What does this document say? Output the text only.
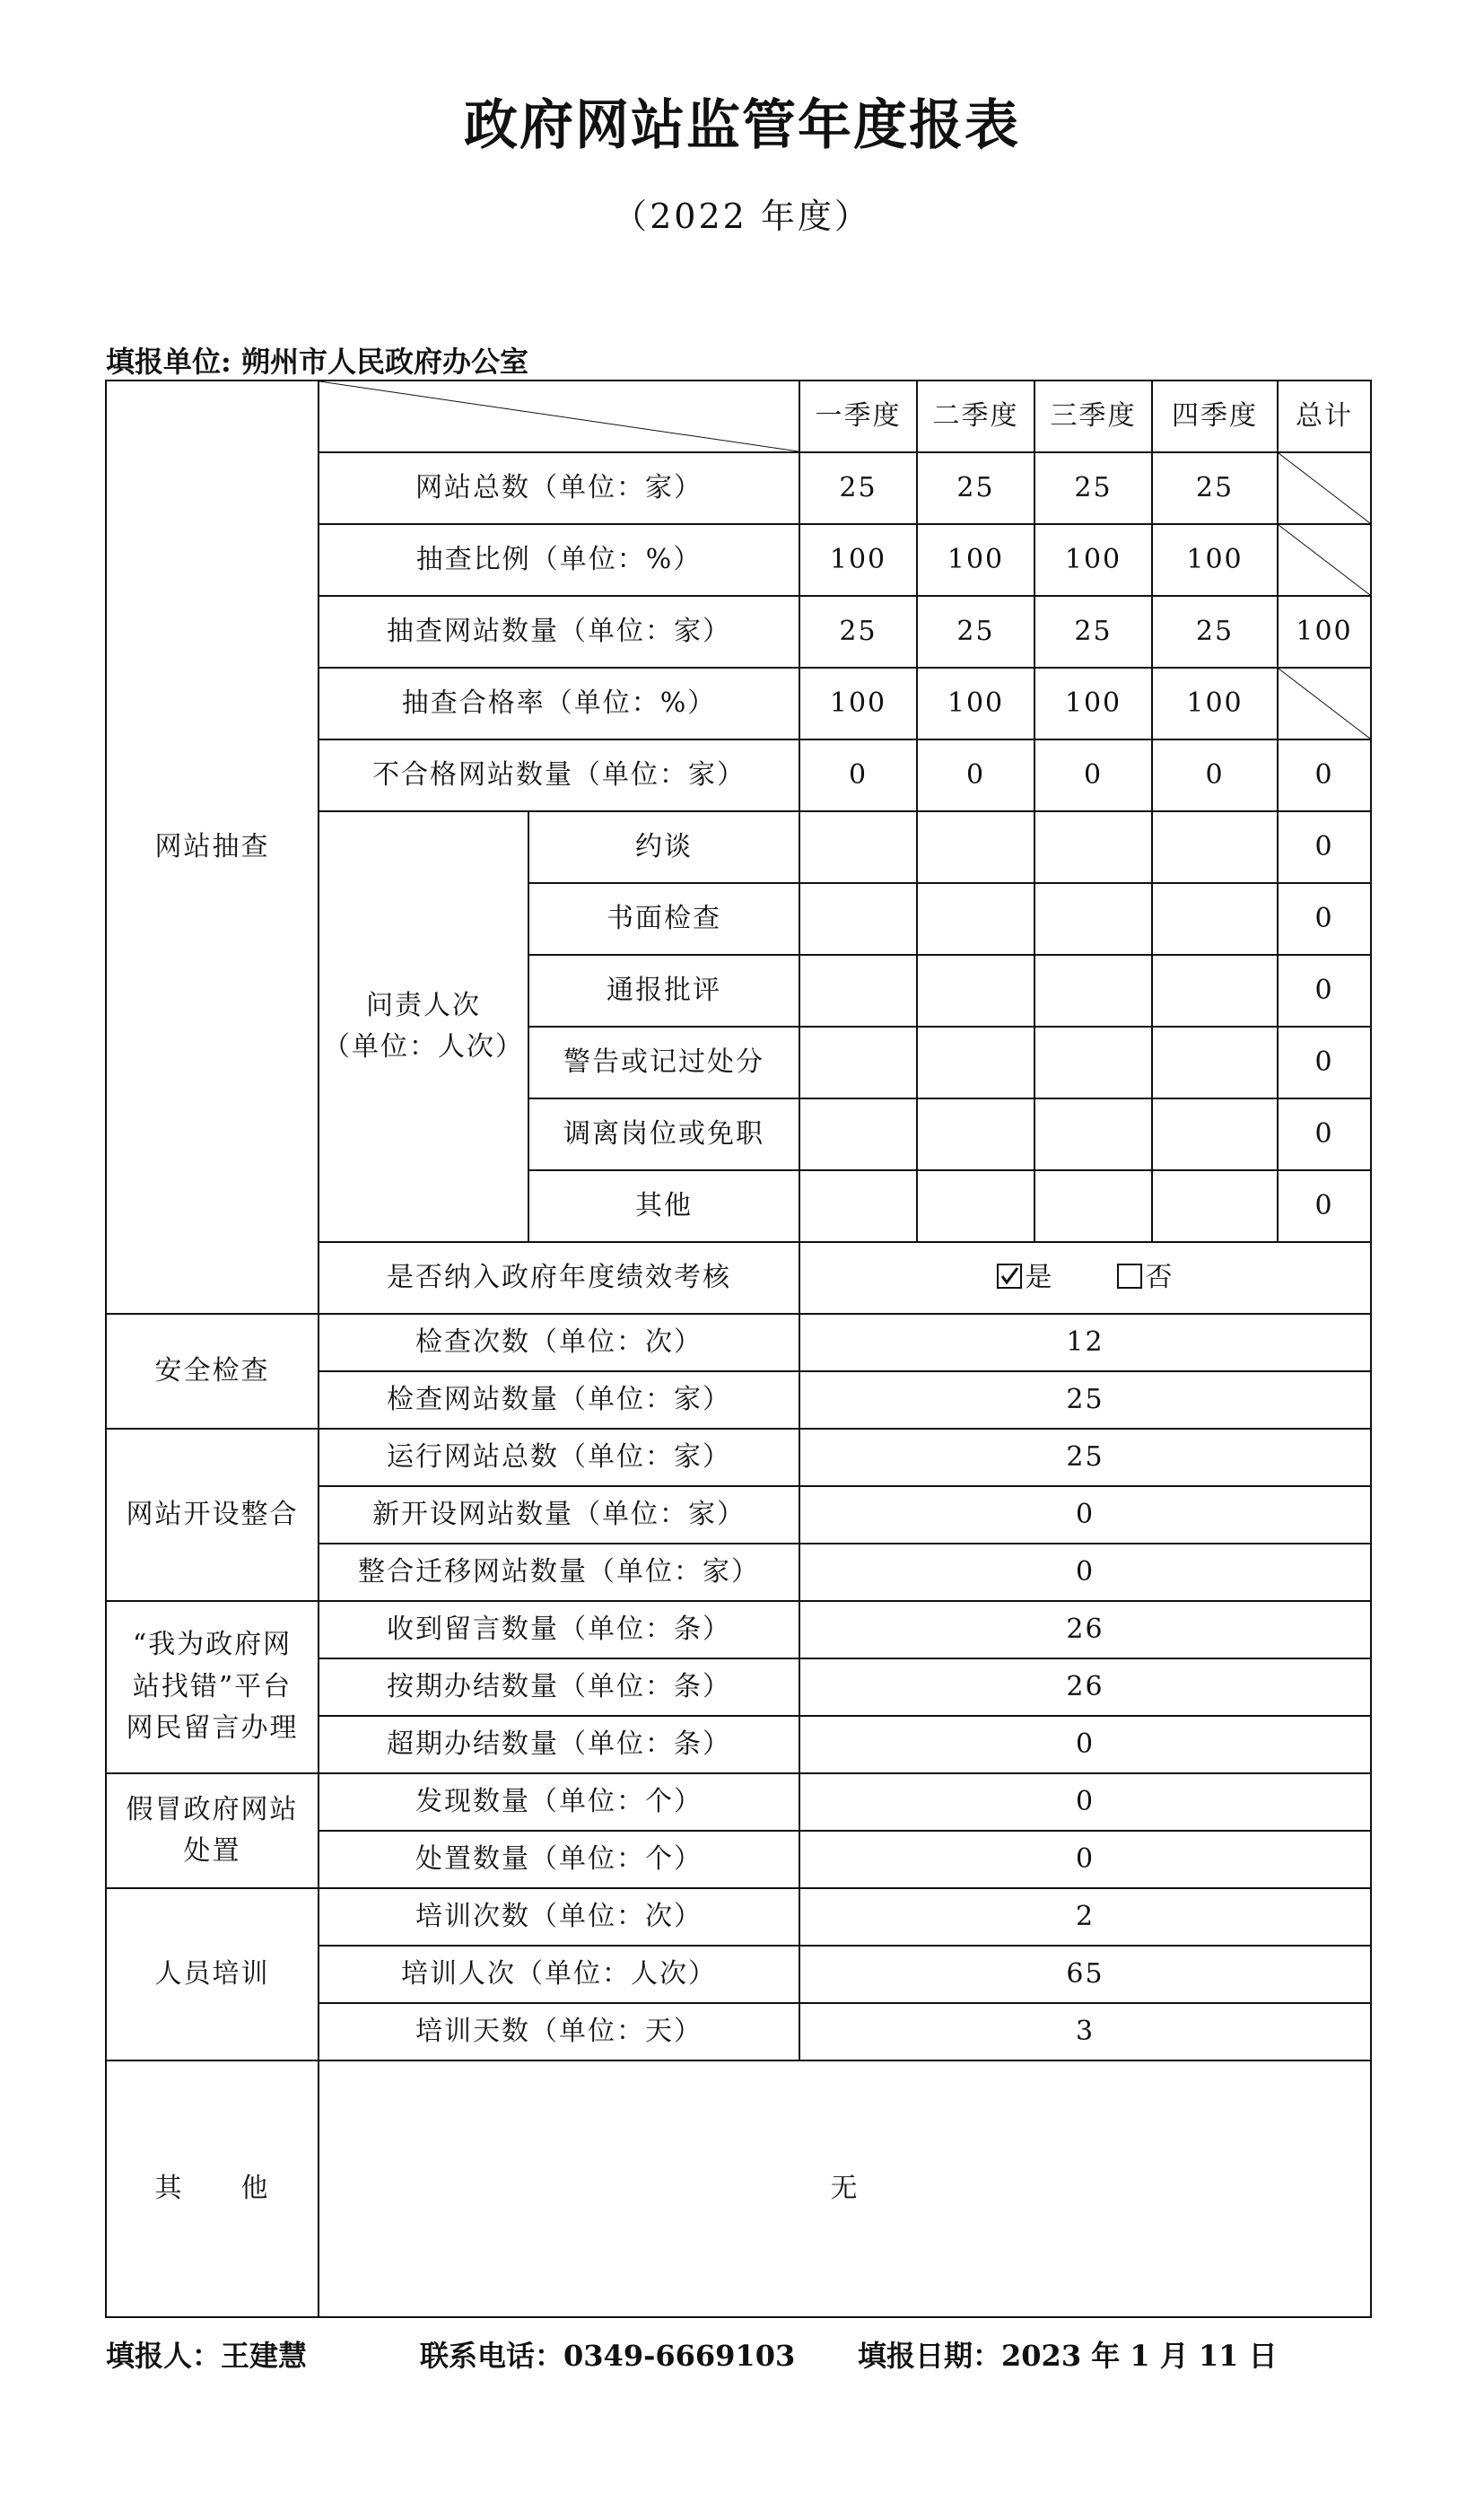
政府网站监管年度报表
（2022 年度）
填报单位: 朔州市人民政府办公室
网站抽查			一季度	二季度	三季度	四季度	总计
	网站总数（单位：家）		25	25	25	25	

	抽查比例（单位：%）		100	100	100	100	

	抽查网站数量（单位：家）		25	25	25	25	100
	抽查合格率（单位：%）		100	100	100	100	

	不合格网站数量（单位：家）		0	0	0	0	0

	问责人次
（单位：人次）	约谈					0
		书面检查					0
		通报批评					0
		警告或记过处分					0
		调离岗位或免职					0
		其他					0
	是否纳入政府年度绩效考核		是 否				
安全检查	检查次数（单位：次）		12				
	检查网站数量（单位：家）		25				
网站开设整合	运行网站总数（单位：家）		25				
	新开设网站数量（单位：家）		0				
	整合迁移网站数量（单位：家）		0				

“我为政府网
站找错”平台
网民留言办理	收到留言数量（单位：条）		26				
	按期办结数量（单位：条）		26				
	超期办结数量（单位：条）		0				

假冒政府网站
处置	发现数量（单位：个）		0				
	处置数量（单位：个）		0				
人员培训	培训次数（单位：次）		2				
	培训人次（单位：人次）		65				
	培训天数（单位：天）		3				
其　　他	无						
填报人：王建慧	联系电话：0349-6669103 填报日期：2023 年 1 月 11 日
